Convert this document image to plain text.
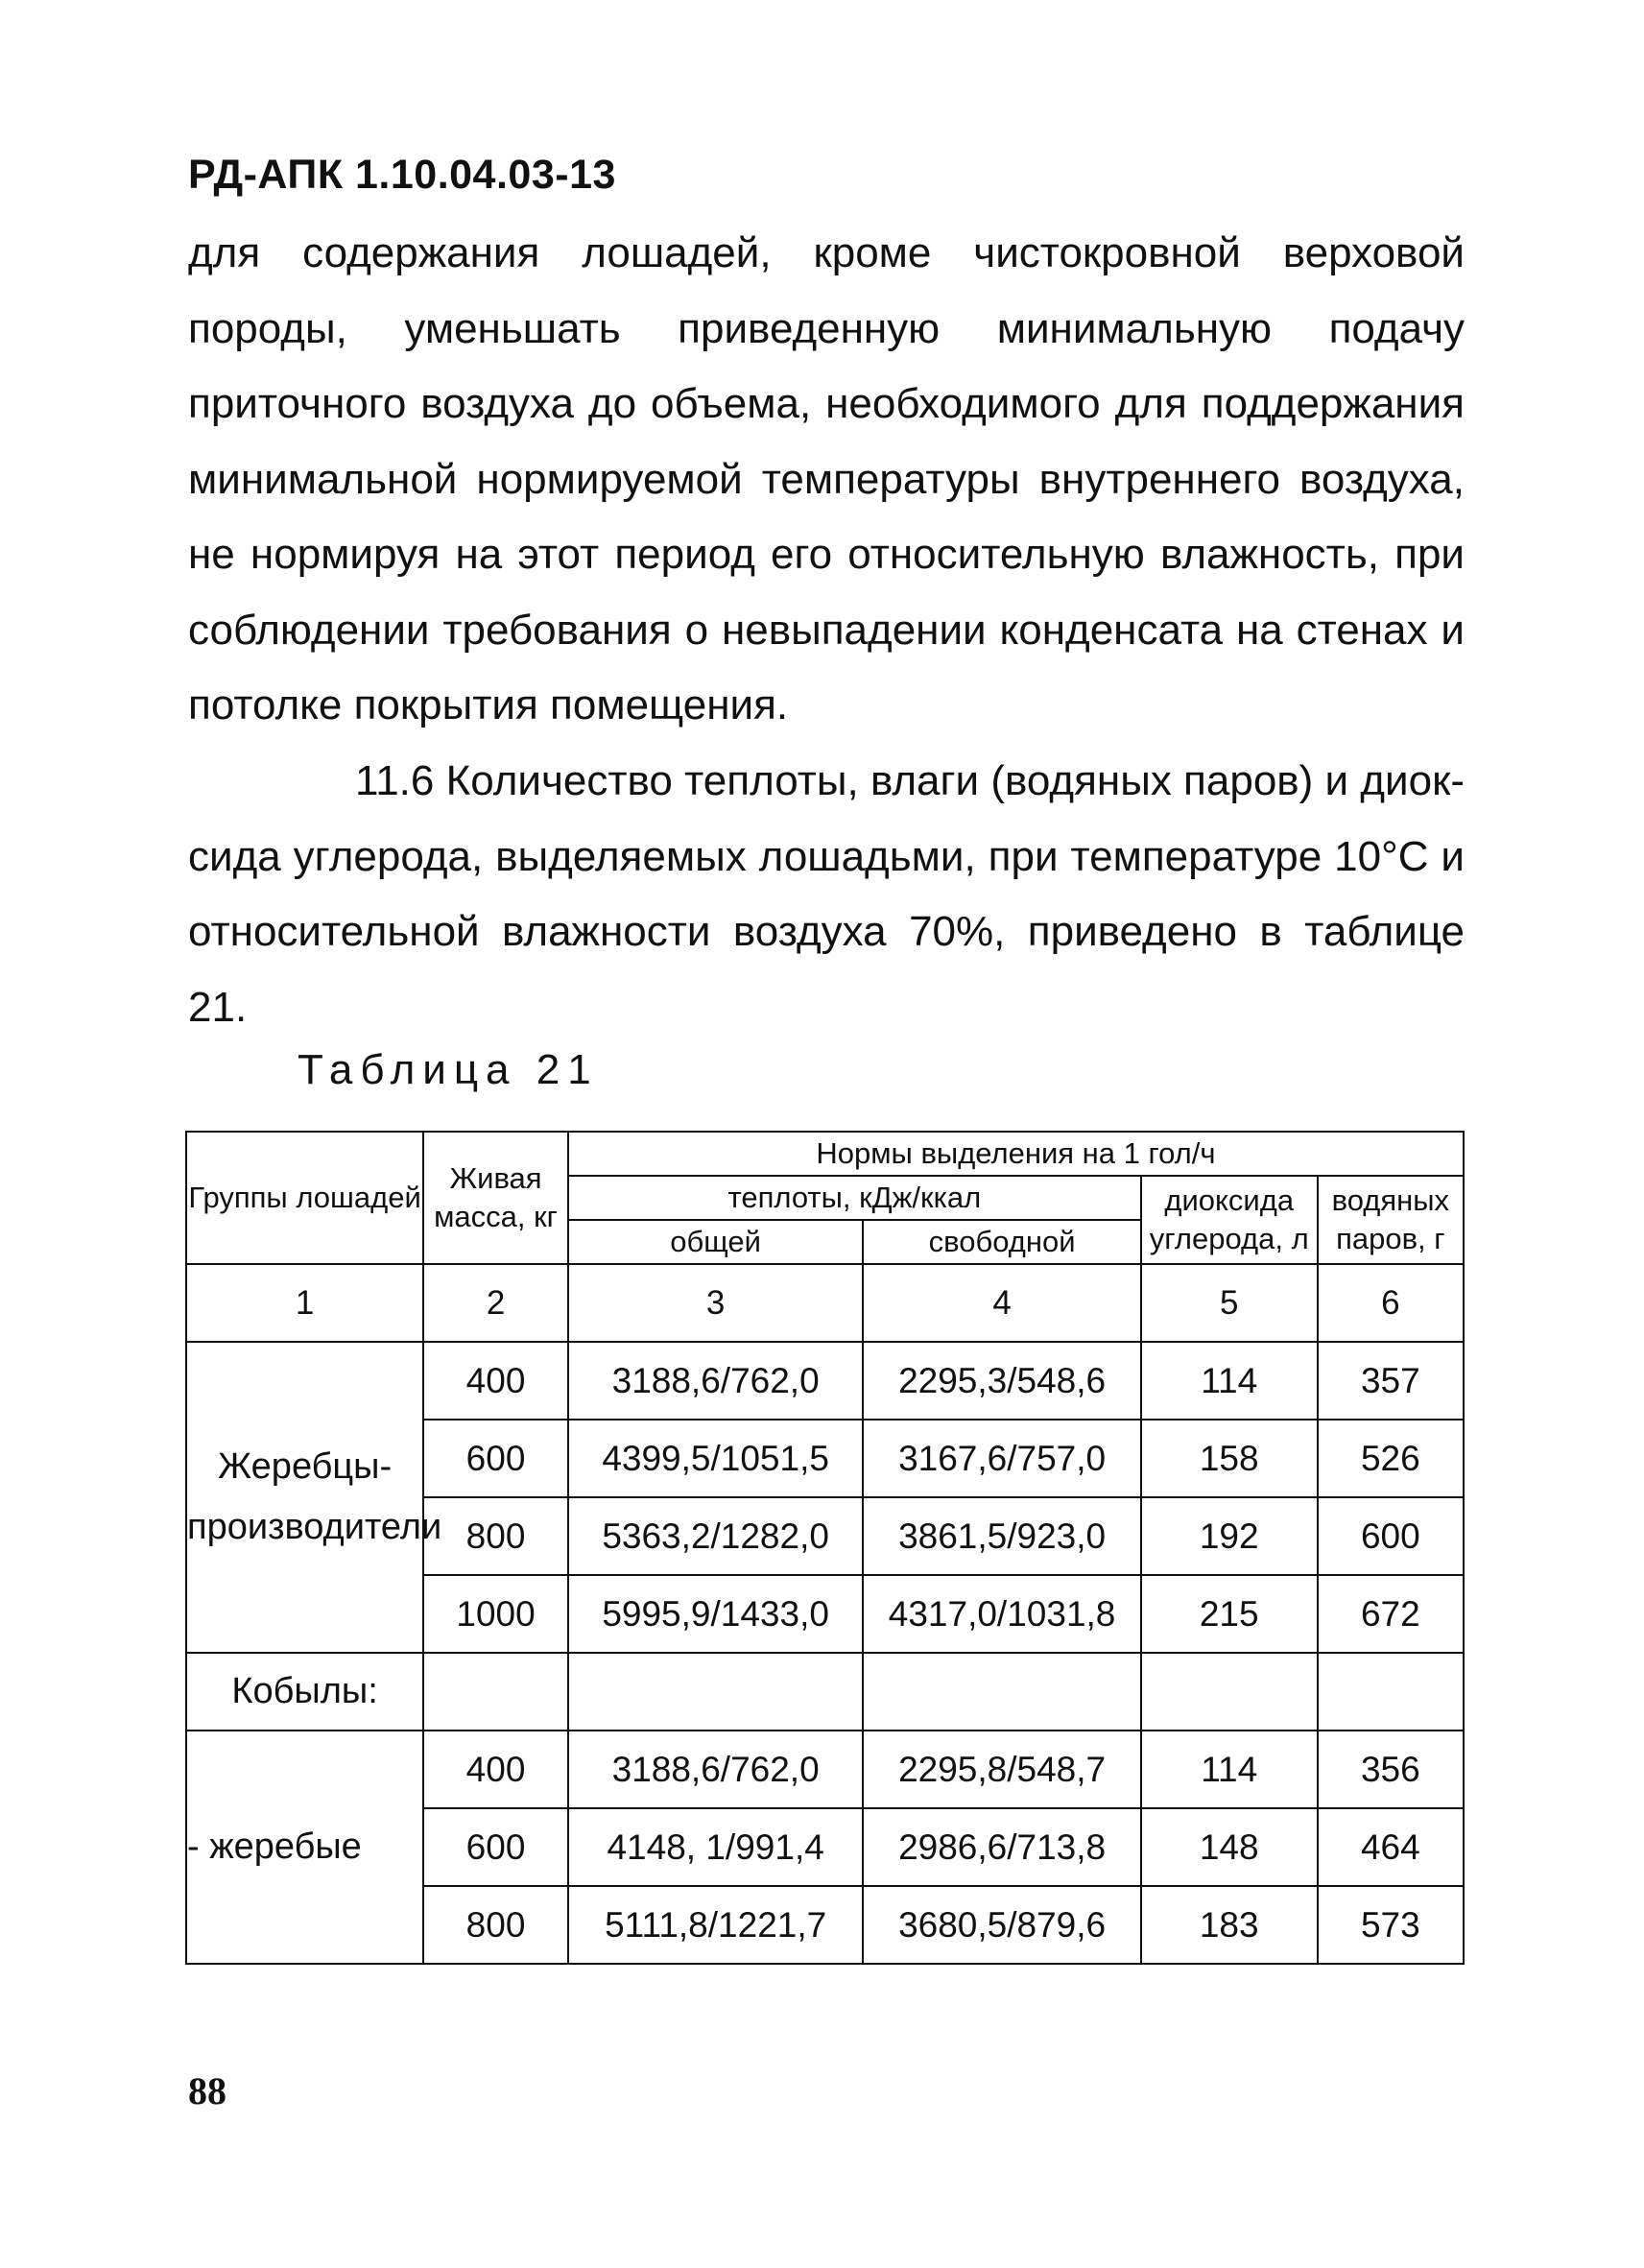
РД-АПК 1.10.04.03-13

для содержания лошадей, кроме чистокровной верховой породы, уменьшать приведенную минимальную подачу приточного воздуха до объема, необходимого для поддержания минимальной нормируемой температуры внутреннего воздуха, не нормируя на этот период его относительную влажность, при соблюдении требования о невыпадении конденсата на стенах и потолке покрытия помещения.

11.6 Количество теплоты, влаги (водяных паров) и диок-сида углерода, выделяемых лошадьми, при температуре 10°С и относительной влажности воздуха 70%, приведено в таблице 21.

Таблица 21

Группы лошадей	Живая масса, кг	Нормы выделения на 1 гол/ч			
		теплоты, кДж/ккал		диоксида углерода, л	водяных паров, г
		общей	свободной		
1	2	3	4	5	6
Жеребцы-производители	400	3188,6/762,0	2295,3/548,6	114	357
	600	4399,5/1051,5	3167,6/757,0	158	526
	800	5363,2/1282,0	3861,5/923,0	192	600
	1000	5995,9/1433,0	4317,0/1031,8	215	672
Кобылы:					
- жеребые	400	3188,6/762,0	2295,8/548,7	114	356
	600	4148, 1/991,4	2986,6/713,8	148	464
	800	5111,8/1221,7	3680,5/879,6	183	573

88
